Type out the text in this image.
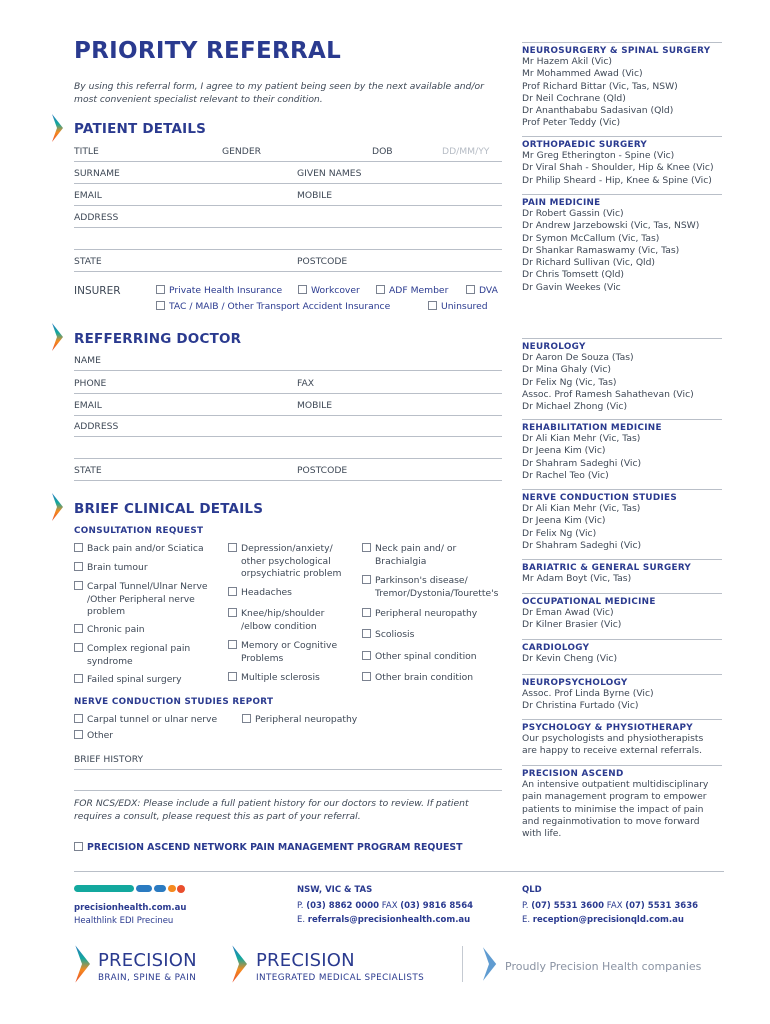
PRIORITY REFERRAL
By using this referral form, I agree to my patient being seen by the next available and/or most convenient specialist relevant to their condition.
PATIENT DETAILS
TITLE	GENDER	DOB	DD/MM/YY
SURNAME	GIVEN NAMES
EMAIL	MOBILE
ADDRESS
STATE	POSTCODE
INSURER	Private Health Insurance	Workcover	ADF Member	DVA
TAC / MAIB / Other Transport Accident Insurance	Uninsured
REFFERRING DOCTOR
NAME
PHONE	FAX
EMAIL	MOBILE
ADDRESS
STATE	POSTCODE
BRIEF CLINICAL DETAILS
CONSULTATION REQUEST
Back pain and/or Sciatica
Brain tumour
Carpal Tunnel/Ulnar Nerve /Other Peripheral nerve problem
Chronic pain
Complex regional pain syndrome
Failed spinal surgery
Depression/anxiety/ other psychological orpsychiatric problem
Headaches
Knee/hip/shoulder /elbow condition
Memory or Cognitive Problems
Multiple sclerosis
Neck pain and/ or Brachialgia
Parkinson's disease/ Tremor/Dystonia/Tourette's
Peripheral neuropathy
Scoliosis
Other spinal condition
Other brain condition
NERVE CONDUCTION STUDIES REPORT
Carpal tunnel or ulnar nerve	Peripheral neuropathy
Other
BRIEF HISTORY
FOR NCS/EDX: Please include a full patient history for our doctors to review. If patient requires a consult, please request this as part of your referral.
PRECISION ASCEND NETWORK PAIN MANAGEMENT PROGRAM REQUEST
NEUROSURGERY & SPINAL SURGERY
Mr Hazem Akil (Vic)
Mr Mohammed Awad (Vic)
Prof Richard Bittar (Vic, Tas, NSW)
Dr Neil Cochrane (Qld)
Dr Ananthababu Sadasivan (Qld)
Prof Peter Teddy (Vic)
ORTHOPAEDIC SURGERY
Mr Greg Etherington - Spine (Vic)
Dr Viral Shah - Shoulder, Hip & Knee (Vic)
Dr Philip Sheard - Hip, Knee & Spine (Vic)
PAIN MEDICINE
Dr Robert Gassin (Vic)
Dr Andrew Jarzebowski (Vic, Tas, NSW)
Dr Symon McCallum (Vic, Tas)
Dr Shankar Ramaswamy (Vic, Tas)
Dr Richard Sullivan (Vic, Qld)
Dr Chris Tomsett (Qld)
Dr Gavin Weekes (Vic
NEUROLOGY
Dr Aaron De Souza (Tas)
Dr Mina Ghaly (Vic)
Dr Felix Ng (Vic, Tas)
Assoc. Prof Ramesh Sahathevan (Vic)
Dr Michael Zhong (Vic)
REHABILITATION MEDICINE
Dr Ali Kian Mehr (Vic, Tas)
Dr Jeena Kim (Vic)
Dr Shahram Sadeghi (Vic)
Dr Rachel Teo (Vic)
NERVE CONDUCTION STUDIES
Dr Ali Kian Mehr (Vic, Tas)
Dr Jeena Kim (Vic)
Dr Felix Ng (Vic)
Dr Shahram Sadeghi (Vic)
BARIATRIC & GENERAL SURGERY
Mr Adam Boyt (Vic, Tas)
OCCUPATIONAL MEDICINE
Dr Eman Awad (Vic)
Dr Kilner Brasier (Vic)
CARDIOLOGY
Dr Kevin Cheng (Vic)
NEUROPSYCHOLOGY
Assoc. Prof Linda Byrne (Vic)
Dr Christina Furtado (Vic)
PSYCHOLOGY & PHYSIOTHERAPY
Our psychologists and physiotherapists
are happy to receive external referrals.
PRECISION ASCEND
An intensive outpatient multidisciplinary
pain management program to empower
patients to minimise the impact of pain
and regainmotivation to move forward
with life.
precisionhealth.com.au
Healthlink EDI Precineu
NSW, VIC & TAS
P. (03) 8862 0000 FAX (03) 9816 8564
E. referrals@precisionhealth.com.au
QLD
P. (07) 5531 3600 FAX (07) 5531 3636
E. reception@precisionqld.com.au
PRECISION
BRAIN, SPINE & PAIN
PRECISION
INTEGRATED MEDICAL SPECIALISTS
Proudly Precision Health companies
